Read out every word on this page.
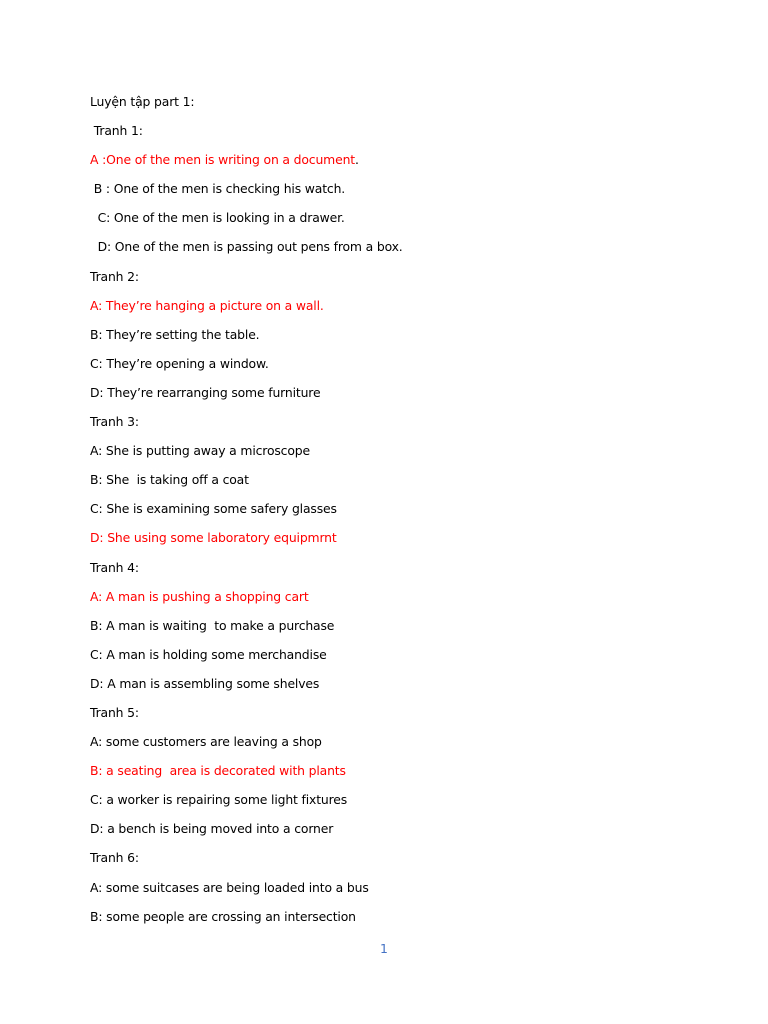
Luyện tập part 1:
Tranh 1:
A :One of the men is writing on a document.
B : One of the men is checking his watch.
C: One of the men is looking in a drawer.
D: One of the men is passing out pens from a box.
Tranh 2:
A: They’re hanging a picture on a wall.
B: They’re setting the table.
C: They’re opening a window.
D: They’re rearranging some furniture
Tranh 3:
A: She is putting away a microscope
B: She  is taking off a coat
C: She is examining some safery glasses
D: She using some laboratory equipmrnt
Tranh 4:
A: A man is pushing a shopping cart
B: A man is waiting  to make a purchase
C: A man is holding some merchandise
D: A man is assembling some shelves
Tranh 5:
A: some customers are leaving a shop
B: a seating  area is decorated with plants
C: a worker is repairing some light fixtures
D: a bench is being moved into a corner
Tranh 6:
A: some suitcases are being loaded into a bus
B: some people are crossing an intersection
1
